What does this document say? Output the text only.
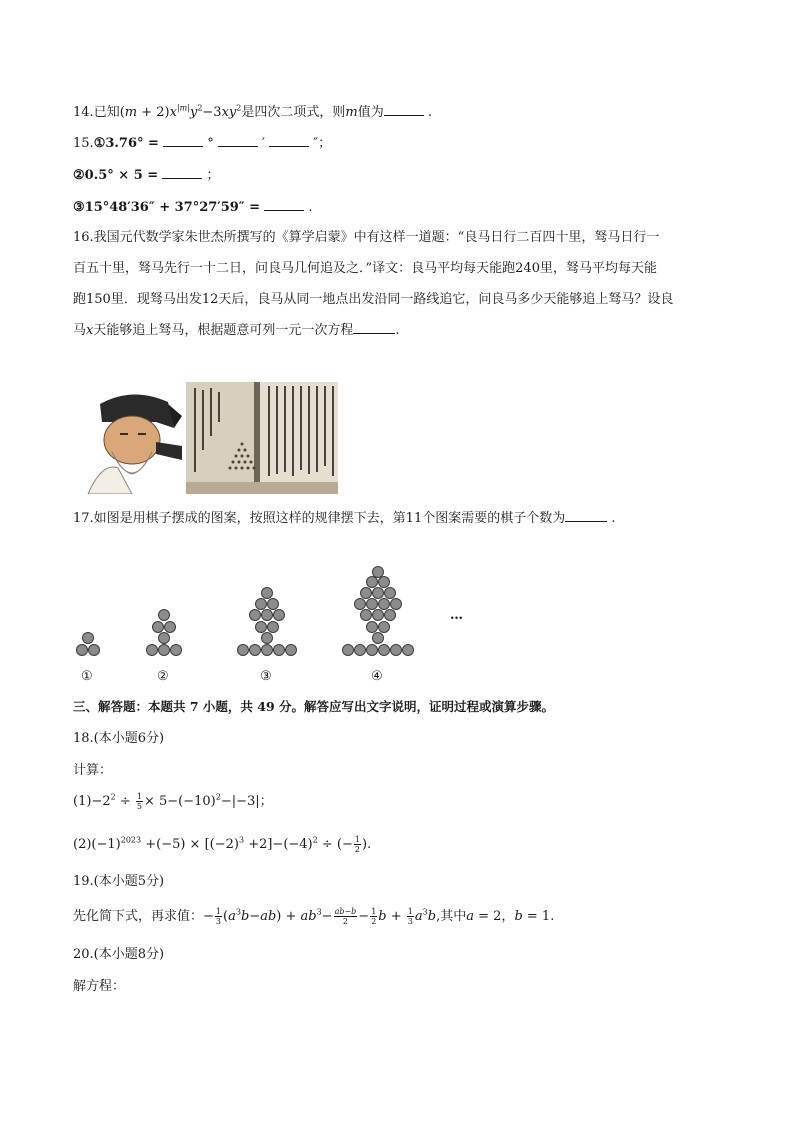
14.已知$(m + 2)x^{|m|}y^2-3xy^2$是四次二项式，则m值为	.
15.①3.76° =	°	′	″；
②0.5° × 5 =	；
③15°48′36″ + 37°27′59″ =	.
16.我国元代数学家朱世杰所撰写的《算学启蒙》中有这样一道题：“良马日行二百四十里，驽马日行一
百五十里，驽马先行一十二日，问良马几何追及之．”译文：良马平均每天能跑240里，驽马平均每天能
跑150里．现驽马出发12天后，良马从同一地点出发沿同一路线追它，问良马多少天能够追上驽马？设良
马x天能够追上驽马，根据题意可列一元一次方程	.
17.如图是用棋子摆成的图案，按照这样的规律摆下去，第11个图案需要的棋子个数为	.
…
①	②	③	④
三、解答题：本题共 7 小题，共 49 分。解答应写出文字说明，证明过程或演算步骤。
18.(本小题6分)
计算：
$(1)-2^2 \div \frac{1}{5} \times 5-(-10)^2-|-3|$；
$(2)(-1)^{2023} +(-5) \times [(-2)^3 +2]-(-4)^2$ ÷ (− $\frac{1}{2}$ ).
19.(本小题5分)
先化简下式，再求值：− $\frac{1}{3} (a^3b-ab) + ab^3- \frac{ab-b}{2} - \frac{1}{2}$ $b + \frac{1}{3} a^3b$,其中a = 2，b = 1.
20.(本小题8分)
解方程：
